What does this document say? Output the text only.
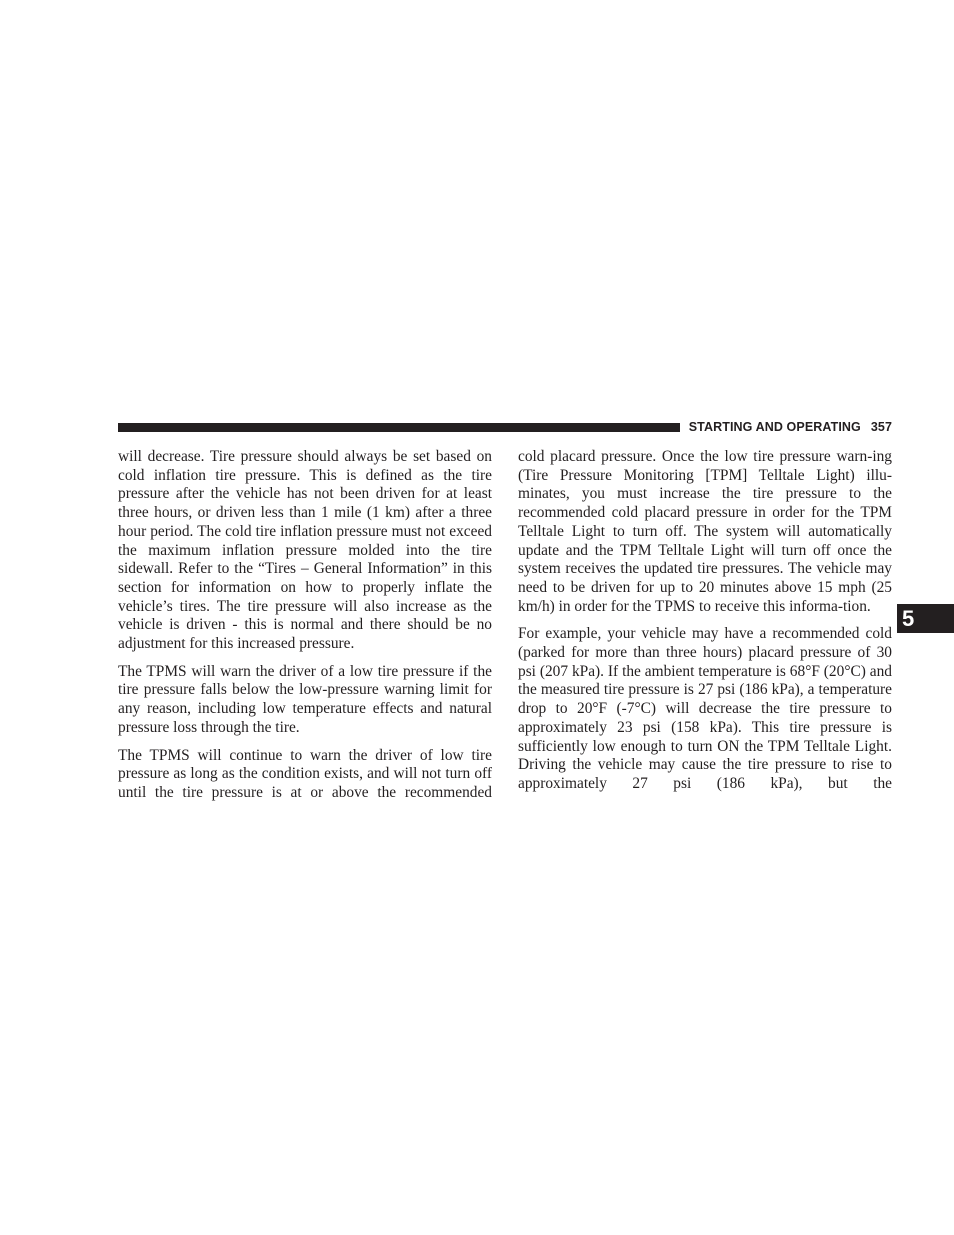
STARTING AND OPERATING 357
5

will decrease. Tire pressure should always be set based on cold inflation tire pressure. This is defined as the tire pressure after the vehicle has not been driven for at least three hours, or driven less than 1 mile (1 km) after a three hour period. The cold tire inflation pressure must not exceed the maximum inflation pressure molded into the tire sidewall. Refer to the “Tires – General Information” in this section for information on how to properly inflate the vehicle’s tires. The tire pressure will also increase as the vehicle is driven - this is normal and there should be no adjustment for this increased pressure.

The TPMS will warn the driver of a low tire pressure if the tire pressure falls below the low-pressure warning limit for any reason, including low temperature effects and natural pressure loss through the tire.

The TPMS will continue to warn the driver of low tire pressure as long as the condition exists, and will not turn off until the tire pressure is at or above the recommended

cold placard pressure. Once the low tire pressure warn-ing (Tire Pressure Monitoring [TPM] Telltale Light) illu-minates, you must increase the tire pressure to the recommended cold placard pressure in order for the TPM Telltale Light to turn off. The system will automatically update and the TPM Telltale Light will turn off once the system receives the updated tire pressures. The vehicle may need to be driven for up to 20 minutes above 15 mph (25 km/h) in order for the TPMS to receive this informa-tion.

For example, your vehicle may have a recommended cold (parked for more than three hours) placard pressure of 30 psi (207 kPa). If the ambient temperature is 68°F (20°C) and the measured tire pressure is 27 psi (186 kPa), a temperature drop to 20°F (-7°C) will decrease the tire pressure to approximately 23 psi (158 kPa). This tire pressure is sufficiently low enough to turn ON the TPM Telltale Light. Driving the vehicle may cause the tire pressure to rise to approximately 27 psi (186 kPa), but the
